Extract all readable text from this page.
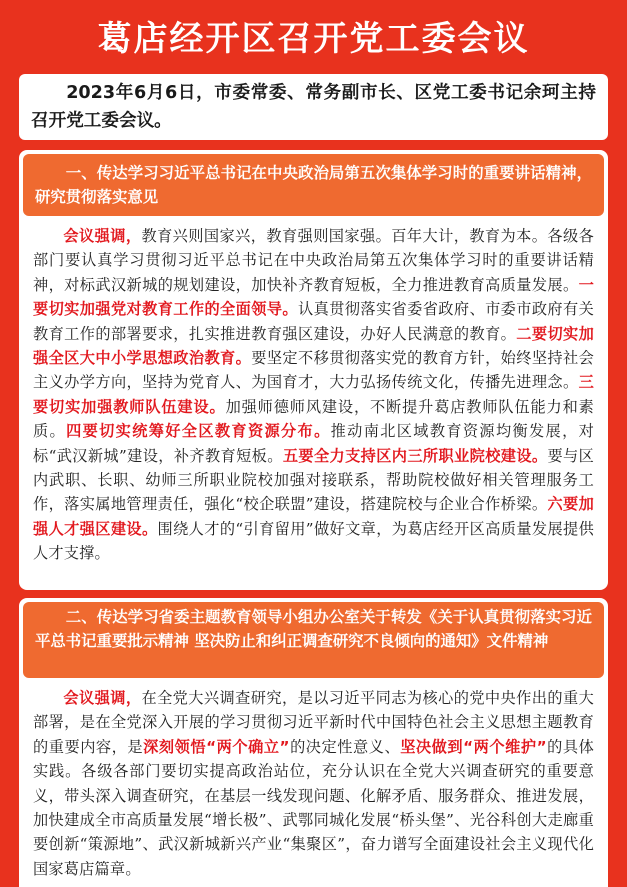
葛店经开区召开党工委会议
2023年6月6日，市委常委、常务副市长、区党工委书记余珂主持召开党工委会议。
一、传达学习习近平总书记在中央政治局第五次集体学习时的重要讲话精神，研究贯彻落实意见
会议强调，教育兴则国家兴，教育强则国家强。百年大计，教育为本。各级各部门要认真学习贯彻习近平总书记在中央政治局第五次集体学习时的重要讲话精神，对标武汉新城的规划建设，加快补齐教育短板，全力推进教育高质量发展。一要切实加强党对教育工作的全面领导。认真贯彻落实省委省政府、市委市政府有关教育工作的部署要求，扎实推进教育强区建设，办好人民满意的教育。二要切实加强全区大中小学思想政治教育。要坚定不移贯彻落实党的教育方针，始终坚持社会主义办学方向，坚持为党育人、为国育才，大力弘扬传统文化，传播先进理念。三要切实加强教师队伍建设。加强师德师风建设，不断提升葛店教师队伍能力和素质。四要切实统筹好全区教育资源分布。推动南北区域教育资源均衡发展，对标“武汉新城”建设，补齐教育短板。五要全力支持区内三所职业院校建设。要与区内武职、长职、幼师三所职业院校加强对接联系，帮助院校做好相关管理服务工作，落实属地管理责任，强化“校企联盟”建设，搭建院校与企业合作桥梁。六要加强人才强区建设。围绕人才的“引育留用”做好文章，为葛店经开区高质量发展提供人才支撑。
二、传达学习省委主题教育领导小组办公室关于转发《关于认真贯彻落实习近平总书记重要批示精神 坚决防止和纠正调查研究不良倾向的通知》文件精神
会议强调，在全党大兴调查研究，是以习近平同志为核心的党中央作出的重大部署，是在全党深入开展的学习贯彻习近平新时代中国特色社会主义思想主题教育的重要内容，是深刻领悟“两个确立”的决定性意义、坚决做到“两个维护”的具体实践。各级各部门要切实提高政治站位，充分认识在全党大兴调查研究的重要意义，带头深入调查研究，在基层一线发现问题、化解矛盾、服务群众、推进发展，加快建成全市高质量发展“增长极”、武鄂同城化发展“桥头堡”、光谷科创大走廊重要创新“策源地”、武汉新城新兴产业“集聚区”，奋力谱写全面建设社会主义现代化国家葛店篇章。
